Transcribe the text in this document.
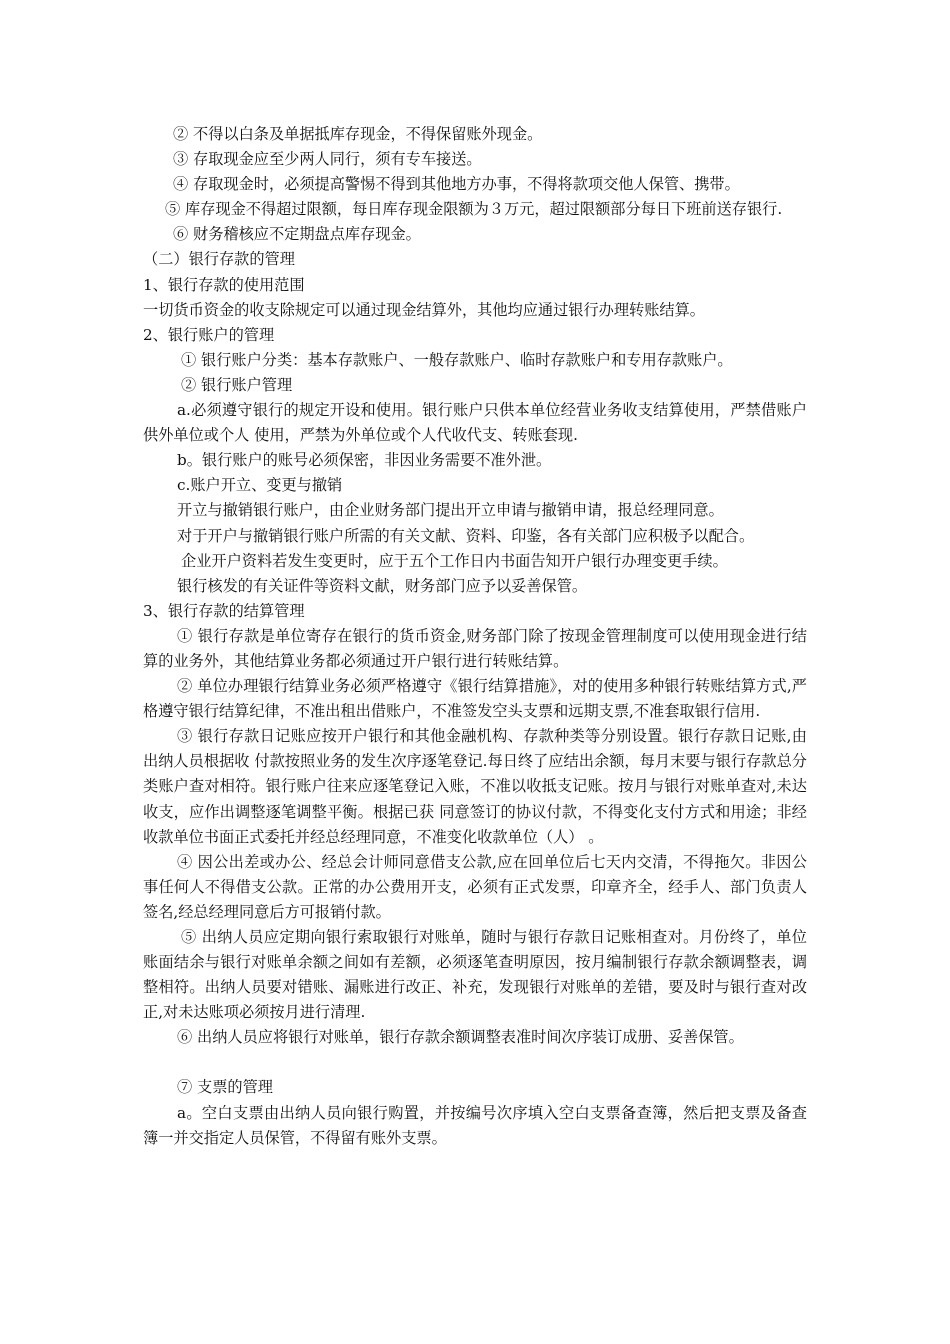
② 不得以白条及单据抵库存现金，不得保留账外现金。

③ 存取现金应至少两人同行，须有专车接送。

④ 存取现金时，必须提高警惕不得到其他地方办事，不得将款项交他人保管、携带。

⑤ 库存现金不得超过限额，每日库存现金限额为３万元，超过限额部分每日下班前送存银行.

⑥ 财务稽核应不定期盘点库存现金。

（二）银行存款的管理

1、银行存款的使用范围

一切货币资金的收支除规定可以通过现金结算外，其他均应通过银行办理转账结算。

2、银行账户的管理

① 银行账户分类：基本存款账户、一般存款账户、临时存款账户和专用存款账户。

② 银行账户管理

a.必须遵守银行的规定开设和使用。银行账户只供本单位经营业务收支结算使用，严禁借账户供外单位或个人 使用，严禁为外单位或个人代收代支、转账套现.

b。银行账户的账号必须保密，非因业务需要不准外泄。

c.账户开立、变更与撤销

开立与撤销银行账户，由企业财务部门提出开立申请与撤销申请，报总经理同意。

对于开户与撤销银行账户所需的有关文献、资料、印鉴，各有关部门应积极予以配合。

企业开户资料若发生变更时，应于五个工作日内书面告知开户银行办理变更手续。

银行核发的有关证件等资料文献，财务部门应予以妥善保管。

3、银行存款的结算管理

① 银行存款是单位寄存在银行的货币资金,财务部门除了按现金管理制度可以使用现金进行结算的业务外，其他结算业务都必须通过开户银行进行转账结算。

② 单位办理银行结算业务必须严格遵守《银行结算措施》，对的使用多种银行转账结算方式,严格遵守银行结算纪律，不准出租出借账户，不准签发空头支票和远期支票,不准套取银行信用.

③ 银行存款日记账应按开户银行和其他金融机构、存款种类等分别设置。银行存款日记账,由出纳人员根据收 付款按照业务的发生次序逐笔登记.每日终了应结出余额，每月末要与银行存款总分类账户查对相符。银行账户往来应逐笔登记入账，不准以收抵支记账。按月与银行对账单查对,未达收支，应作出调整逐笔调整平衡。根据已获 同意签订的协议付款，不得变化支付方式和用途；非经收款单位书面正式委托并经总经理同意，不准变化收款单位（人） 。

④ 因公出差或办公、经总会计师同意借支公款,应在回单位后七天内交清，不得拖欠。非因公事任何人不得借支公款。正常的办公费用开支，必须有正式发票，印章齐全，经手人、部门负责人签名,经总经理同意后方可报销付款。

⑤ 出纳人员应定期向银行索取银行对账单，随时与银行存款日记账相查对。月份终了，单位账面结余与银行对账单余额之间如有差额，必须逐笔查明原因，按月编制银行存款余额调整表，调整相符。出纳人员要对错账、漏账进行改正、补充，发现银行对账单的差错，要及时与银行查对改正,对未达账项必须按月进行清理.

⑥ 出纳人员应将银行对账单，银行存款余额调整表准时间次序装订成册、妥善保管。

⑦ 支票的管理

a。空白支票由出纳人员向银行购置，并按编号次序填入空白支票备查簿，然后把支票及备查簿一并交指定人员保管，不得留有账外支票。
